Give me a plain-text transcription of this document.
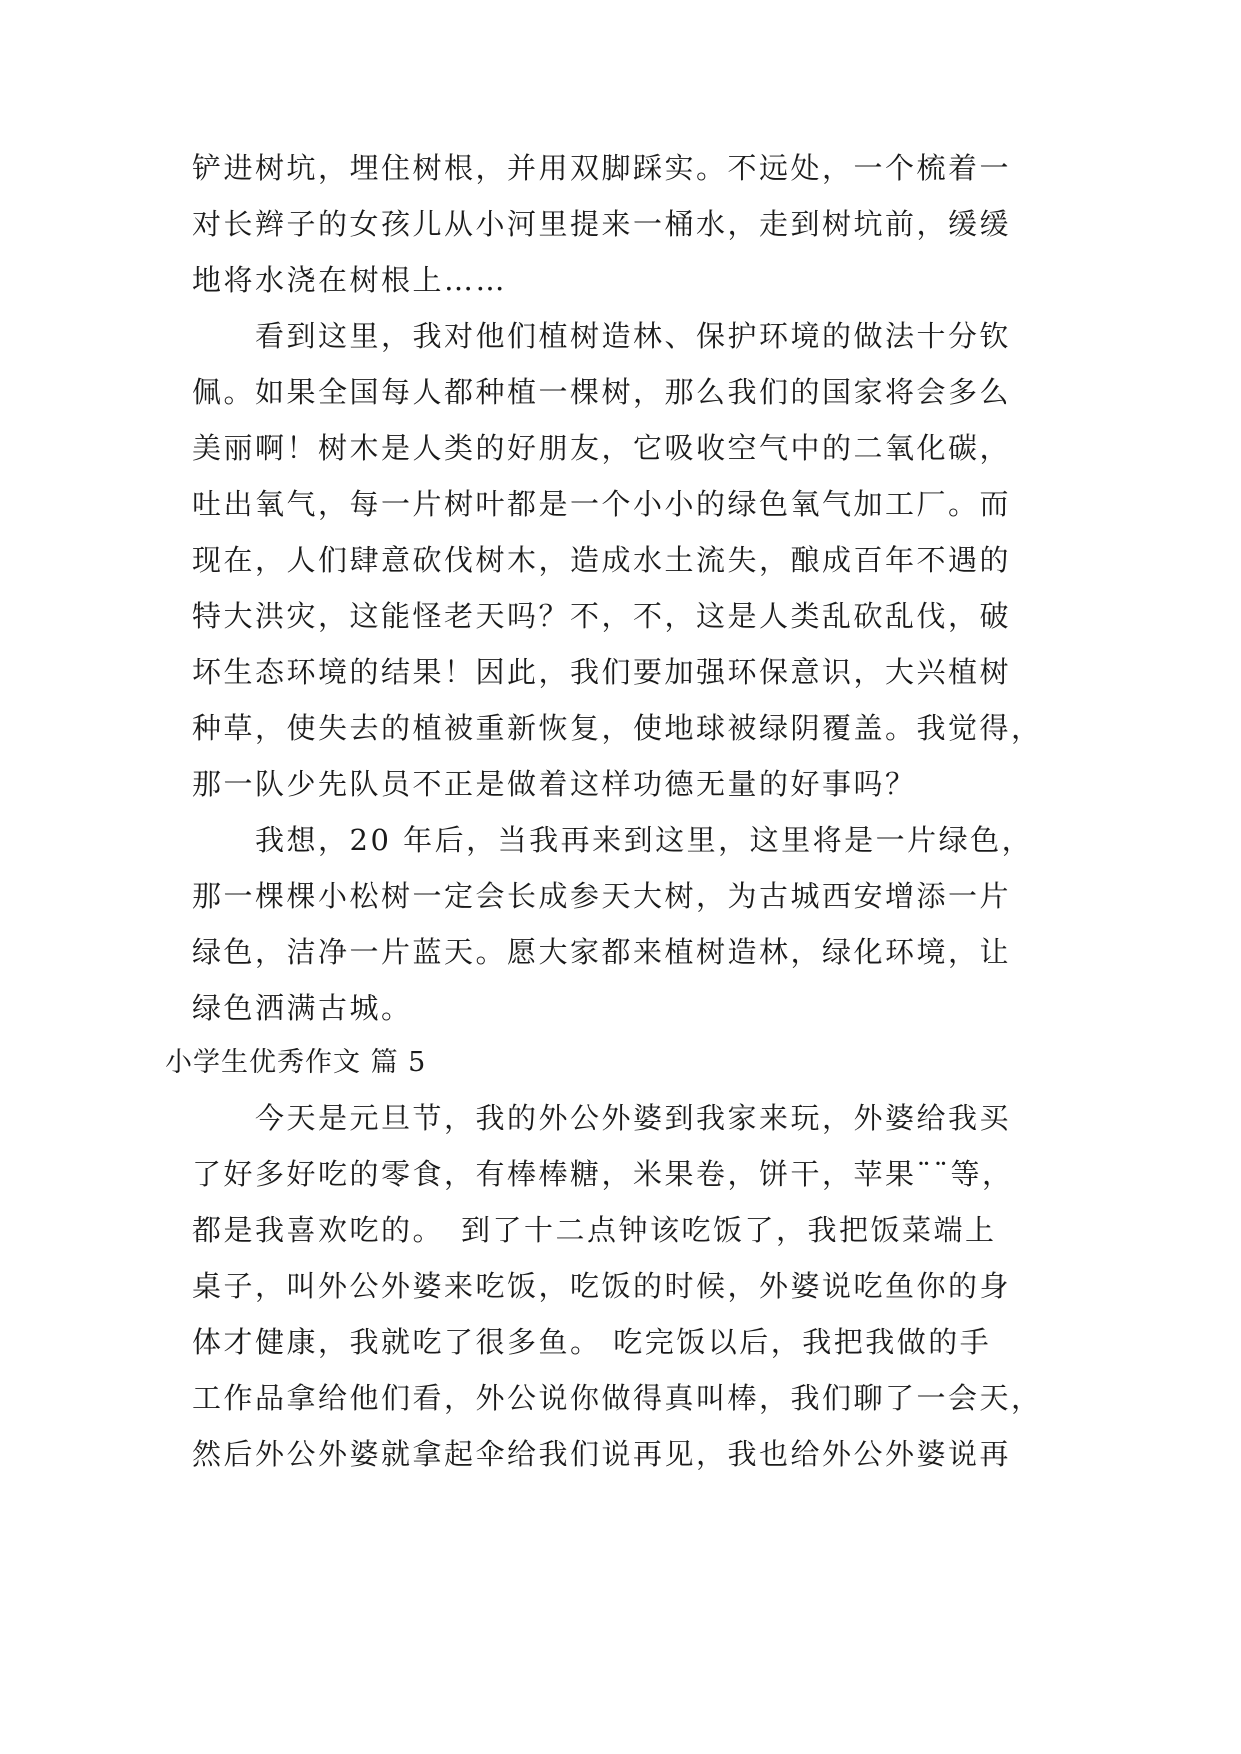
铲进树坑，埋住树根，并用双脚踩实。不远处，一个梳着一
对长辫子的女孩儿从小河里提来一桶水，走到树坑前，缓缓
地将水浇在树根上……
　　看到这里，我对他们植树造林、保护环境的做法十分钦
佩。如果全国每人都种植一棵树，那么我们的国家将会多么
美丽啊！树木是人类的好朋友，它吸收空气中的二氧化碳，
吐出氧气，每一片树叶都是一个小小的绿色氧气加工厂。而
现在，人们肆意砍伐树木，造成水土流失，酿成百年不遇的
特大洪灾，这能怪老天吗？不，不，这是人类乱砍乱伐，破
坏生态环境的结果！因此，我们要加强环保意识，大兴植树
种草，使失去的植被重新恢复，使地球被绿阴覆盖。我觉得，
那一队少先队员不正是做着这样功德无量的好事吗？
　　我想，20 年后，当我再来到这里，这里将是一片绿色，
那一棵棵小松树一定会长成参天大树，为古城西安增添一片
绿色，洁净一片蓝天。愿大家都来植树造林，绿化环境，让
绿色洒满古城。
小学生优秀作文 篇 5
　　今天是元旦节，我的外公外婆到我家来玩，外婆给我买
了好多好吃的零食，有棒棒糖，米果卷，饼干，苹果¨¨等，
都是我喜欢吃的。　到了十二点钟该吃饭了，我把饭菜端上
桌子，叫外公外婆来吃饭，吃饭的时候，外婆说吃鱼你的身
体才健康，我就吃了很多鱼。 吃完饭以后，我把我做的手
工作品拿给他们看，外公说你做得真叫棒，我们聊了一会天，
然后外公外婆就拿起伞给我们说再见，我也给外公外婆说再
